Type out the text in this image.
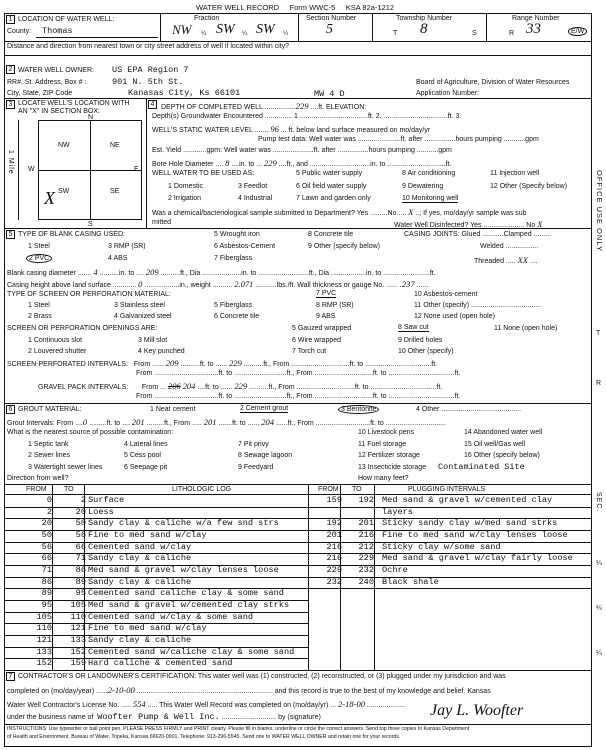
WATER WELL RECORD Form WWC-5 KSA 82a-1212
1 LOCATION OF WATER WELL:
County: Thomas
Fraction
NW ¼ SW ¼ SW ¼
Section Number
5
Township Number
T 8	S
Range Number
R 33	E/W
Distance and direction from nearest town or city street address of well if located within city?
2 WATER WELL OWNER: US EPA Region 7
RR#, St. Address, Box # :	901 N. 5th St.	Board of Agriculture, Division of Water Resources
City, State, ZIP Code	Kanasas City, Ks 66101	MW 4 D	Application Number:
3 LOCATE WELL'S LOCATION WITH
AN "X" IN SECTION BOX:
N
S
W	E
NW	NE
SW	SE
X
1 Mile
4 DEPTH OF COMPLETED WELL ................229 ....ft. ELEVATION:
Depth(s) Groundwater Encountered .............. 1 ...................................ft. 2. .................................ft. 3.
WELL'S STATIC WATER LEVEL ....... 96 ... ft. below land surface measured on mo/day/yr
Pump test data: Well water was ......................ft. after ................hours pumping ...........gpm
Est. Yield ............gpm: Well water was .....................ft. after ................hours pumping ...........gpm
Bore Hole Diameter .... 8 ....in. to ... 229 ....ft., and ...............................in. to ..............................ft.
WELL WATER TO BE USED AS:	5 Public water supply	8 Air conditioning	11 Injection well
1 Domestic	3 Feedlot	6 Oil field water supply	9 Dewatering	12 Other (Specify below)
2 Irrigation	4 Industrial	7 Lawn and garden only	10 Monitoring well
Was a chemical/bacteriological sample submitted to Department? Yes .........No..... X ..; If yes, mo/day/yr sample was sub
mitted	Water Well Disinfected? Yes ..................... No X
5 TYPE OF BLANK CASING USED:	5 Wrought iron	8 Concrete tile	CASING JOINTS: Glued ...........Clamped .........
1 Steel	3 RMP (SR)	6 Asbestos-Cement	9 Other (specify below)	Welded .................
2 PVC	4 ABS	7 Fiberglass	Threaded ..... XX ....
Blank casing diameter ....... 4 ..........in. to .... 209 ..........ft., Dia ....................in. to ..........................ft., Dia ..................in. to ........................ft.
Casing height above land surface ............ 0 ..................in., weight .......... 2.071 ...........lbs./ft. Wall thickness or gauge No. ...... .237 ......
TYPE OF SCREEN OR PERFORATION MATERIAL:	7 PVC	10 Asbestos-cement
1 Steel	3 Stainless steel	5 Fiberglass	8 RMP (SR)	11 Other (specify) ....................................
2 Brass	4 Galvanized steel	6 Concrete tile	9 ABS	12 None used (open hole)
SCREEN OR PERFORATION OPENINGS ARE:	5 Gauzed wrapped	8 Saw cut	11 None (open hole)
1 Continuous slot	3 Mill slot	6 Wire wrapped	9 Drilled holes
2 Louvered shutter	4 Key punched	7 Torch cut	10 Other (specify)
SCREEN-PERFORATED INTERVALS: From ...... 209 ..........ft. to ...... 229 ..........ft., From ..............................ft. to ..................................ft.
From .................................ft. to ...........................ft., From ..............................ft. to ..................................ft.
GRAVEL PACK INTERVALS: From ... 206 204 ....ft. to ...... 229 ..........ft., From ..............................ft. to ..................................ft.
From .................................ft. to ...........................ft., From ..............................ft. to ..................................ft.
6 GROUT MATERIAL:	1 Neat cement	2 Cement grout	3 Bentonite	4 Other .........................................
Grout Intervals: From ....0 .........ft. to .... 201 .........ft., From ..... 201 .......ft. to ...... 204 ......ft., From ............................ft. to ...............................
What is the nearest source of possible contamination:	10 Livestock pens	14 Abandoned water well
1 Septic tank	4 Lateral lines	7 Pit privy	11 Fuel storage	15 Oil well/Gas well
2 Sewer lines	5 Cess pool	8 Sewage lagoon	12 Fertilizer storage	16 Other (specify below)
3 Watertight sewer lines	6 Seepage pit	9 Feedyard	13 Insecticide storage Contaminated Site
Direction from well?	How many feet?
FROM TO	LITHOLOGIC LOG	FROM TO	PLUGGING INTERVALS
0	2 Surface
2	20 Loess
20	50 Sandy clay & caliche w/a few snd strs
50	56 Fine to med sand w/clay
56	66 Cemented sand w/clay
66	71 Sandy clay & caliche
71	86 Med sand & gravel w/clay lenses loose
86	89 Sandy clay & caliche
89	95 Cemented sand caliche clay & some sand
95	105 Med sand & gravel w/cemented clay strks
105	110 Cemented sand w/clay & some sand
110	121 Fine to med sand w/clay
121	133 Sandy clay & caliche
133	152 Cemented sand w/caliche clay & some sand
152	159 Hard caliche & cemented sand
159	192 Med sand & gravel w/cemented clay
layers
192	201 Sticky sandy clay w/med sand strks
201	216 Fine to med sand w/clay lenses loose
216	212 Sticky clay w/some sand
216	229 Med sand & gravel w/clay fairly loose
229	232 Ochre
232	240 Black shale
7 CONTRACTOR'S OR LANDOWNER'S CERTIFICATION: This water well was (1) constructed, (2) reconstructed, or (3) plugged under my jurisdiction and was
completed on (mo/day/year) ......2-10-00 ...................................................................... and this record is true to the best of my knowledge and belief. Kansas
Water Well Contractor's License No. ..... 554 ..... This Water Well Record was completed on (mo/day/yr) ... 2-18-00 ....................
under the business name of Woofter Pump & Well Inc. ............................ by (signature)	Jay L. Woofter
INSTRUCTIONS: Use typewriter or ball point pen. PLEASE PRESS FIRMLY and PRINT clearly. Please fill in blanks, underline or circle the correct answers. Send top three copies to Kansas Department
of Health and Environment, Bureau of Water, Topeka, Kansas 66620-0001. Telephone: 913-296-5545. Send one to WATER WELL OWNER and retain one for your records.
OFFICE USE ONLY
T
R
SEC.
¼
¼
¼
